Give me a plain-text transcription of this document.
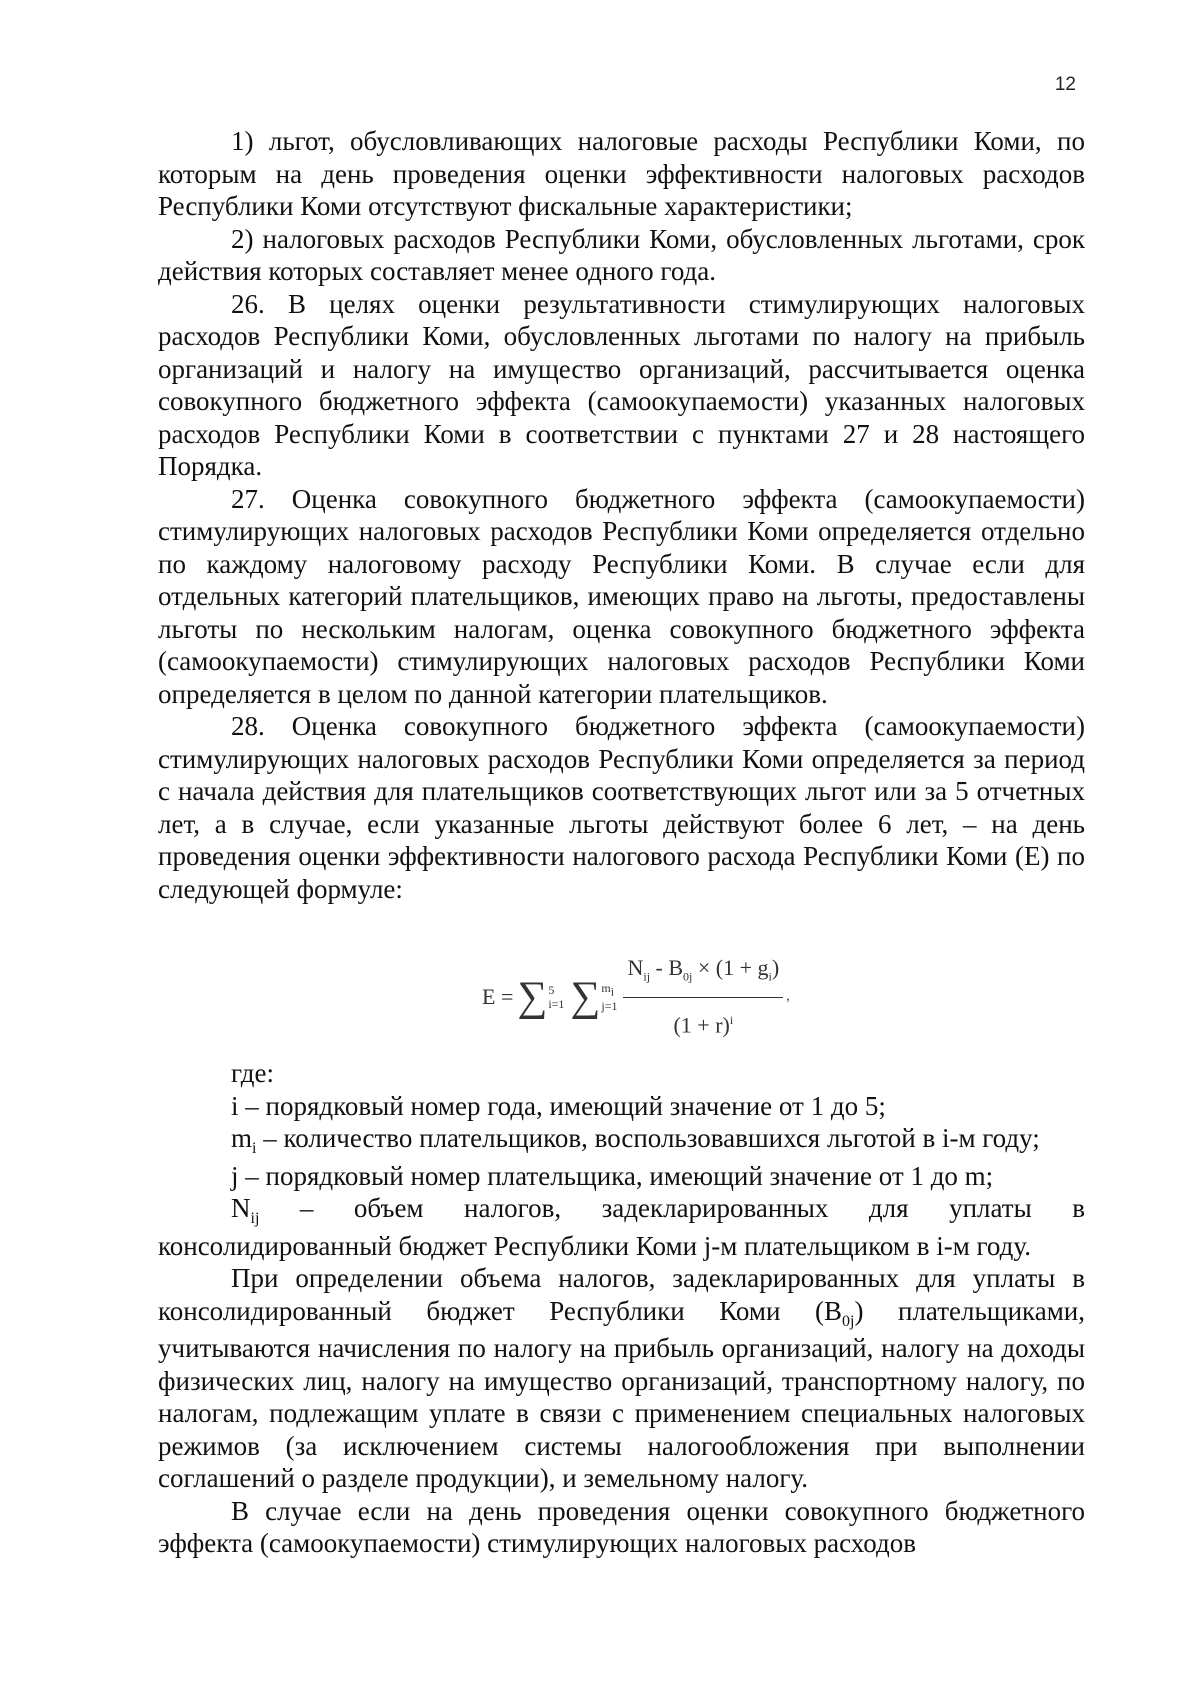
12

1) льгот, обусловливающих налоговые расходы Республики Коми, по которым на день проведения оценки эффективности налоговых расходов Республики Коми отсутствуют фискальные характеристики;

2) налоговых расходов Республики Коми, обусловленных льготами, срок действия которых составляет менее одного года.

26. В целях оценки результативности стимулирующих налоговых расходов Республики Коми, обусловленных льготами по налогу на прибыль организаций и налогу на имущество организаций, рассчитывается оценка совокупного бюджетного эффекта (самоокупаемости) указанных налоговых расходов Республики Коми в соответствии с пунктами 27 и 28 настоящего Порядка.

27. Оценка совокупного бюджетного эффекта (самоокупаемости) стимулирующих налоговых расходов Республики Коми определяется отдельно по каждому налоговому расходу Республики Коми. В случае если для отдельных категорий плательщиков, имеющих право на льготы, предоставлены льготы по нескольким налогам, оценка совокупного бюджетного эффекта (самоокупаемости) стимулирующих налоговых расходов Республики Коми определяется в целом по данной категории плательщиков.

28. Оценка совокупного бюджетного эффекта (самоокупаемости) стимулирующих налоговых расходов Республики Коми определяется за период с начала действия для плательщиков соответствующих льгот или за 5 отчетных лет, а в случае, если указанные льготы действуют более 6 лет, – на день проведения оценки эффективности налогового расхода Республики Коми (E) по следующей формуле:

E =∑5
i=1 $\sum m_i$
$j=1 \frac{N_{ij} - B_{0j} \times (1 + g_i)}{(1 + r)^i}$ ,

где:

i – порядковый номер года, имеющий значение от 1 до 5;

$m_i$ – количество плательщиков, воспользовавшихся льготой в i-м году;

j – порядковый номер плательщика, имеющий значение от 1 до m;

$N_{ij}$ – объем налогов, задекларированных для уплаты в консолидированный бюджет Республики Коми j-м плательщиком в i-м году.

При определении объема налогов, задекларированных для уплаты в консолидированный бюджет Республики Коми $(B_{0j})$ плательщиками, учитываются начисления по налогу на прибыль организаций, налогу на доходы физических лиц, налогу на имущество организаций, транспортному налогу, по налогам, подлежащим уплате в связи с применением специальных налоговых режимов (за исключением системы налогообложения при выполнении соглашений о разделе продукции), и земельному налогу.

В случае если на день проведения оценки совокупного бюджетного эффекта (самоокупаемости) стимулирующих налоговых расходов
